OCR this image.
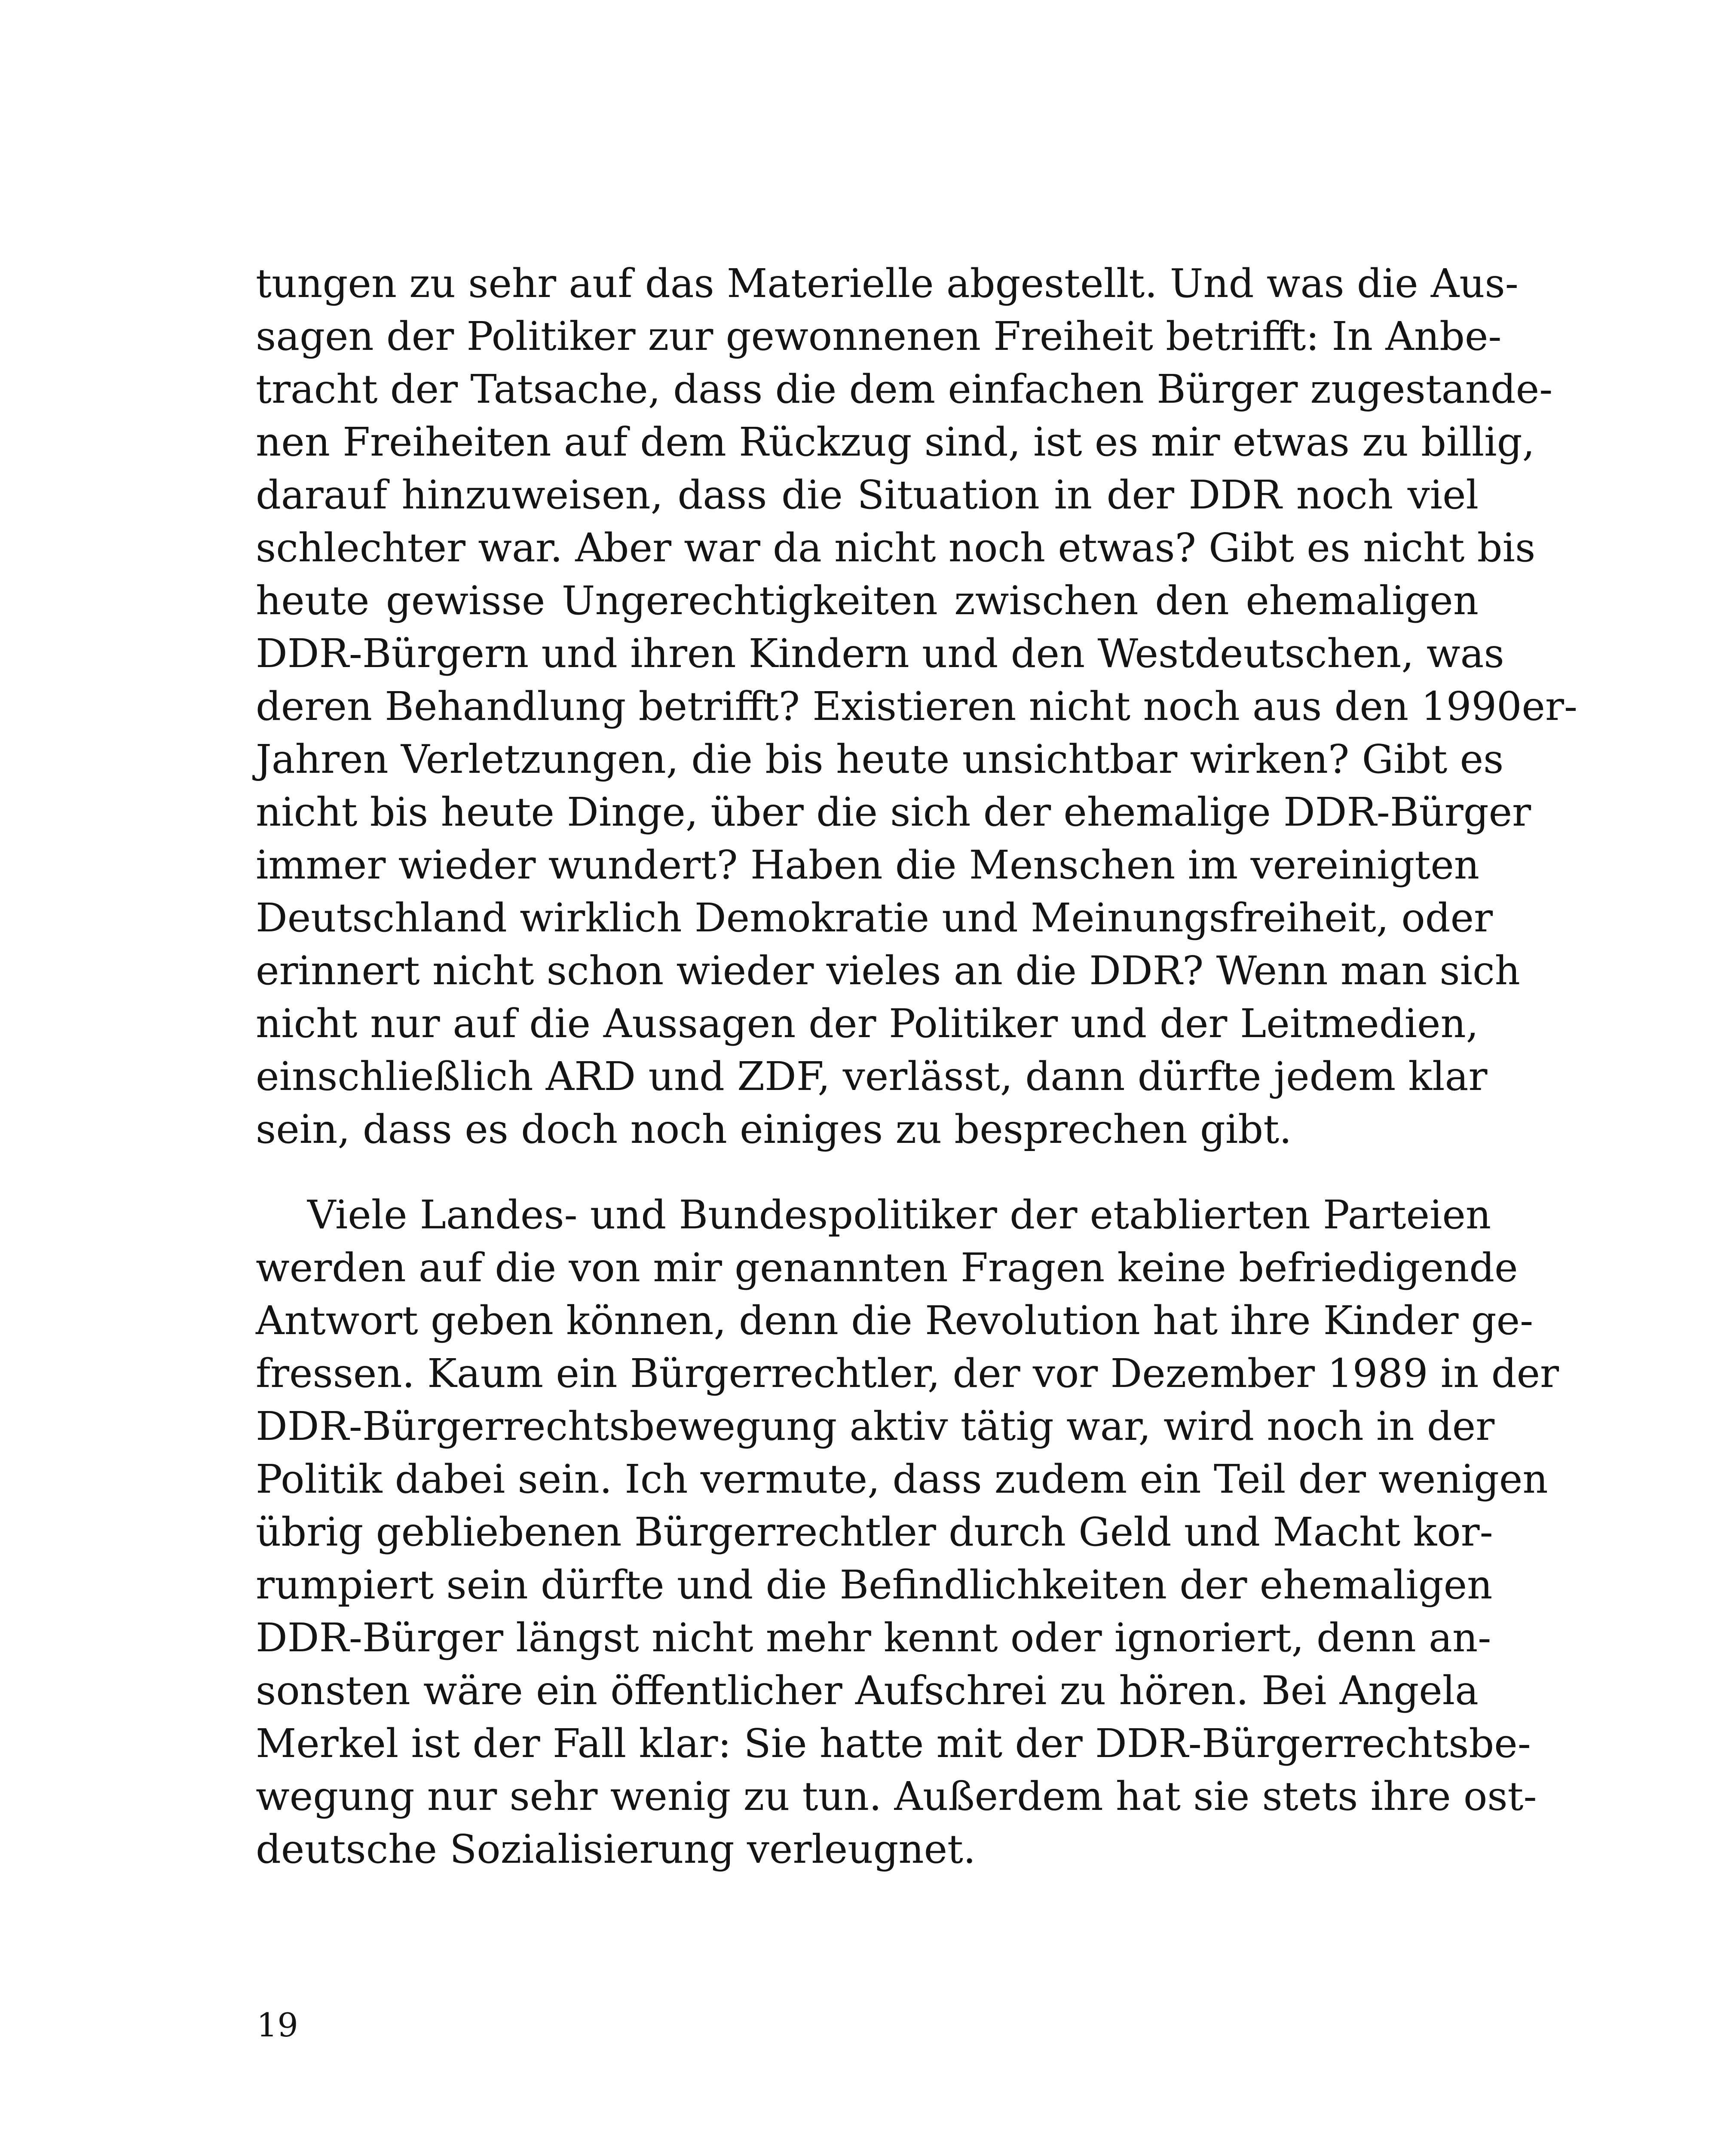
tungen zu sehr auf das Materielle abgestellt. Und was die Aus-
sagen der Politiker zur gewonnenen Freiheit betrifft: In Anbe-
tracht der Tatsache, dass die dem einfachen Bürger zugestande-
nen Freiheiten auf dem Rückzug sind, ist es mir etwas zu billig,
darauf hinzuweisen, dass die Situation in der DDR noch viel
schlechter war. Aber war da nicht noch etwas? Gibt es nicht bis
heute gewisse Ungerechtigkeiten zwischen den ehemaligen
DDR-Bürgern und ihren Kindern und den Westdeutschen, was
deren Behandlung betrifft? Existieren nicht noch aus den 1990er-
Jahren Verletzungen, die bis heute unsichtbar wirken? Gibt es
nicht bis heute Dinge, über die sich der ehemalige DDR-Bürger
immer wieder wundert? Haben die Menschen im vereinigten
Deutschland wirklich Demokratie und Meinungsfreiheit, oder
erinnert nicht schon wieder vieles an die DDR? Wenn man sich
nicht nur auf die Aussagen der Politiker und der Leitmedien,
einschließlich ARD und ZDF, verlässt, dann dürfte jedem klar
sein, dass es doch noch einiges zu besprechen gibt.
Viele Landes- und Bundespolitiker der etablierten Parteien
werden auf die von mir genannten Fragen keine befriedigende
Antwort geben können, denn die Revolution hat ihre Kinder ge-
fressen. Kaum ein Bürgerrechtler, der vor Dezember 1989 in der
DDR-Bürgerrechtsbewegung aktiv tätig war, wird noch in der
Politik dabei sein. Ich vermute, dass zudem ein Teil der wenigen
übrig gebliebenen Bürgerrechtler durch Geld und Macht kor-
rumpiert sein dürfte und die Befindlichkeiten der ehemaligen
DDR-Bürger längst nicht mehr kennt oder ignoriert, denn an-
sonsten wäre ein öffentlicher Aufschrei zu hören. Bei Angela
Merkel ist der Fall klar: Sie hatte mit der DDR-Bürgerrechtsbe-
wegung nur sehr wenig zu tun. Außerdem hat sie stets ihre ost-
deutsche Sozialisierung verleugnet.
19
